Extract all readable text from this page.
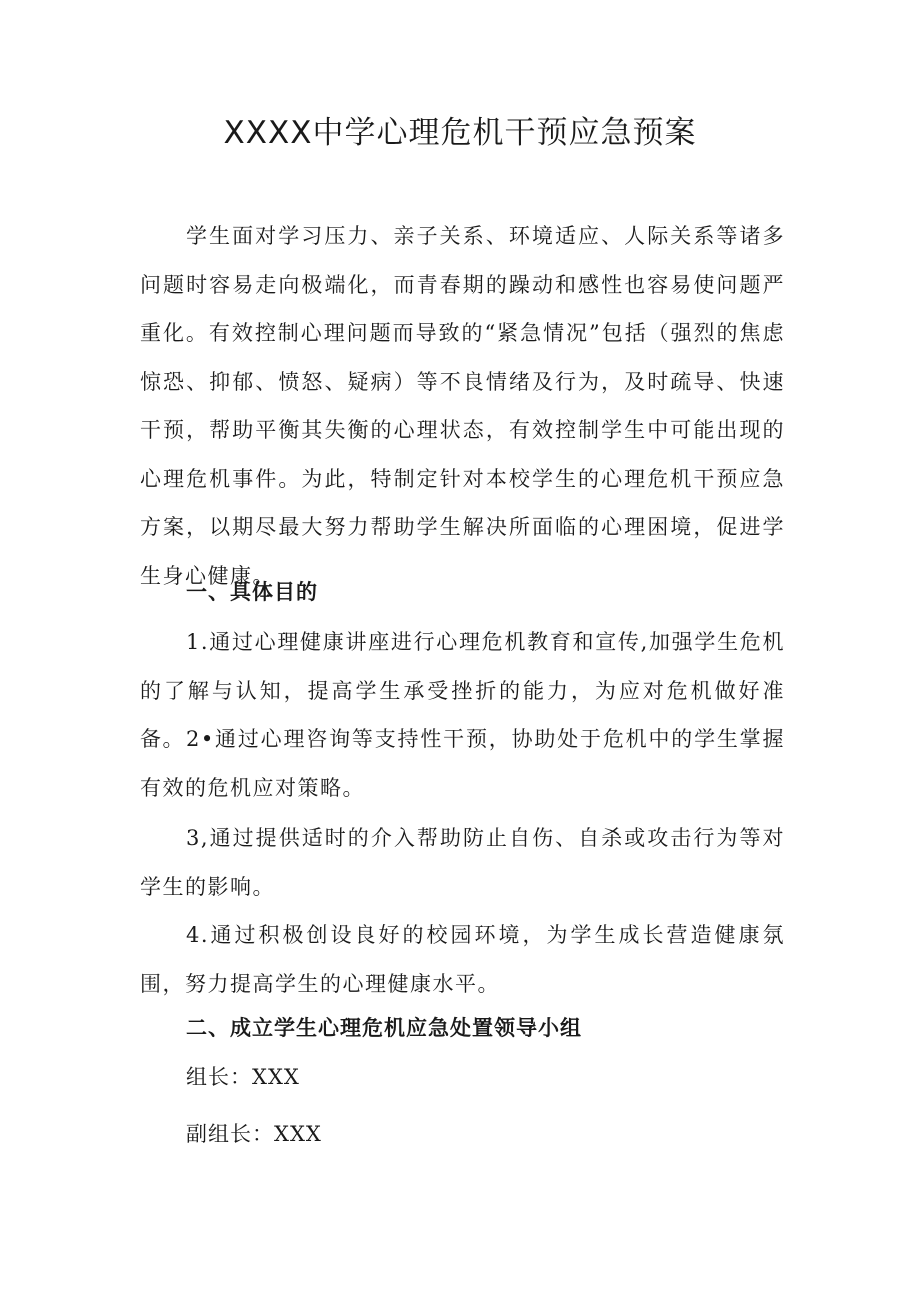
XXXX中学心理危机干预应急预案

学生面对学习压力、亲子关系、环境适应、人际关系等诸多问题时容易走向极端化，而青春期的躁动和感性也容易使问题严重化。有效控制心理问题而导致的“紧急情况”包括（强烈的焦虑惊恐、抑郁、愤怒、疑病）等不良情绪及行为，及时疏导、快速干预，帮助平衡其失衡的心理状态，有效控制学生中可能出现的心理危机事件。为此，特制定针对本校学生的心理危机干预应急方案，以期尽最大努力帮助学生解决所面临的心理困境，促进学生身心健康。

一、具体目的

1.通过心理健康讲座进行心理危机教育和宣传,加强学生危机的了解与认知，提高学生承受挫折的能力，为应对危机做好准备。 2•通过心理咨询等支持性干预，协助处于危机中的学生掌握有效的危机应对策略。

3,通过提供适时的介入帮助防止自伤、自杀或攻击行为等对学生的影响。

4.通过积极创设良好的校园环境，为学生成长营造健康氛围，努力提高学生的心理健康水平。

二、成立学生心理危机应急处置领导小组

组长：XXX

副组长：XXX
